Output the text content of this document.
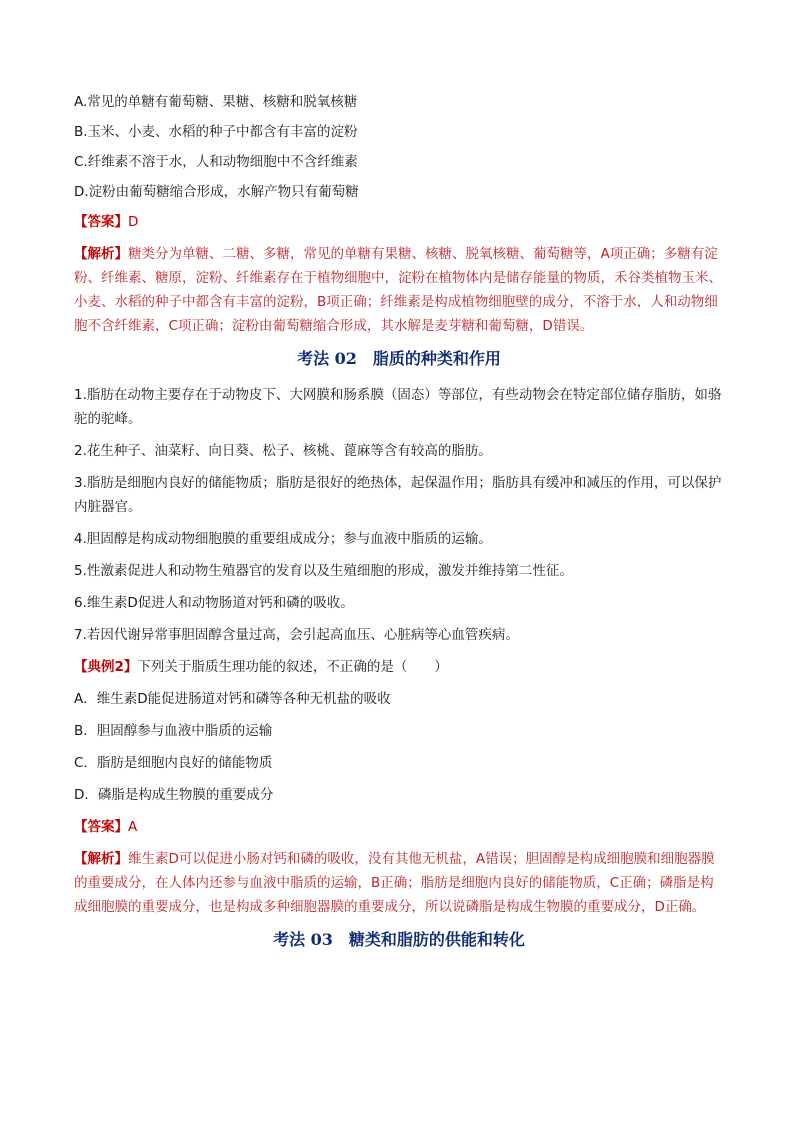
A.常见的单糖有葡萄糖、果糖、核糖和脱氧核糖
B.玉米、小麦、水稻的种子中都含有丰富的淀粉
C.纤维素不溶于水，人和动物细胞中不含纤维素
D.淀粉由葡萄糖缩合形成，水解产物只有葡萄糖
【答案】D
【解析】糖类分为单糖、二糖、多糖，常见的单糖有果糖、核糖、脱氧核糖、葡萄糖等，A项正确；多糖有淀粉、纤维素、糖原，淀粉、纤维素存在于植物细胞中，淀粉在植物体内是储存能量的物质，禾谷类植物玉米、小麦、水稻的种子中都含有丰富的淀粉，B项正确；纤维素是构成植物细胞壁的成分，不溶于水，人和动物细胞不含纤维素，C项正确；淀粉由葡萄糖缩合形成，其水解是麦芽糖和葡萄糖，D错误。
考法 02 脂质的种类和作用
1.脂肪在动物主要存在于动物皮下、大网膜和肠系膜（固态）等部位，有些动物会在特定部位储存脂肪，如骆驼的驼峰。
2.花生种子、油菜籽、向日葵、松子、核桃、蓖麻等含有较高的脂肪。
3.脂肪是细胞内良好的储能物质；脂肪是很好的绝热体，起保温作用；脂肪具有缓冲和减压的作用，可以保护内脏器官。
4.胆固醇是构成动物细胞膜的重要组成成分；参与血液中脂质的运输。
5.性激素促进人和动物生殖器官的发育以及生殖细胞的形成，激发并维持第二性征。
6.维生素D促进人和动物肠道对钙和磷的吸收。
7.若因代谢异常事胆固醇含量过高，会引起高血压、心脏病等心血管疾病。
【典例2】下列关于脂质生理功能的叙述，不正确的是（　　）
A．维生素D能促进肠道对钙和磷等各种无机盐的吸收
B．胆固醇参与血液中脂质的运输
C．脂肪是细胞内良好的储能物质
D．磷脂是构成生物膜的重要成分
【答案】A
【解析】维生素D可以促进小肠对钙和磷的吸收，没有其他无机盐，A错误；胆固醇是构成细胞膜和细胞器膜的重要成分，在人体内还参与血液中脂质的运输，B正确；脂肪是细胞内良好的储能物质，C正确；磷脂是构成细胞膜的重要成分，也是构成多种细胞器膜的重要成分，所以说磷脂是构成生物膜的重要成分，D正确。
考法 03 糖类和脂肪的供能和转化
